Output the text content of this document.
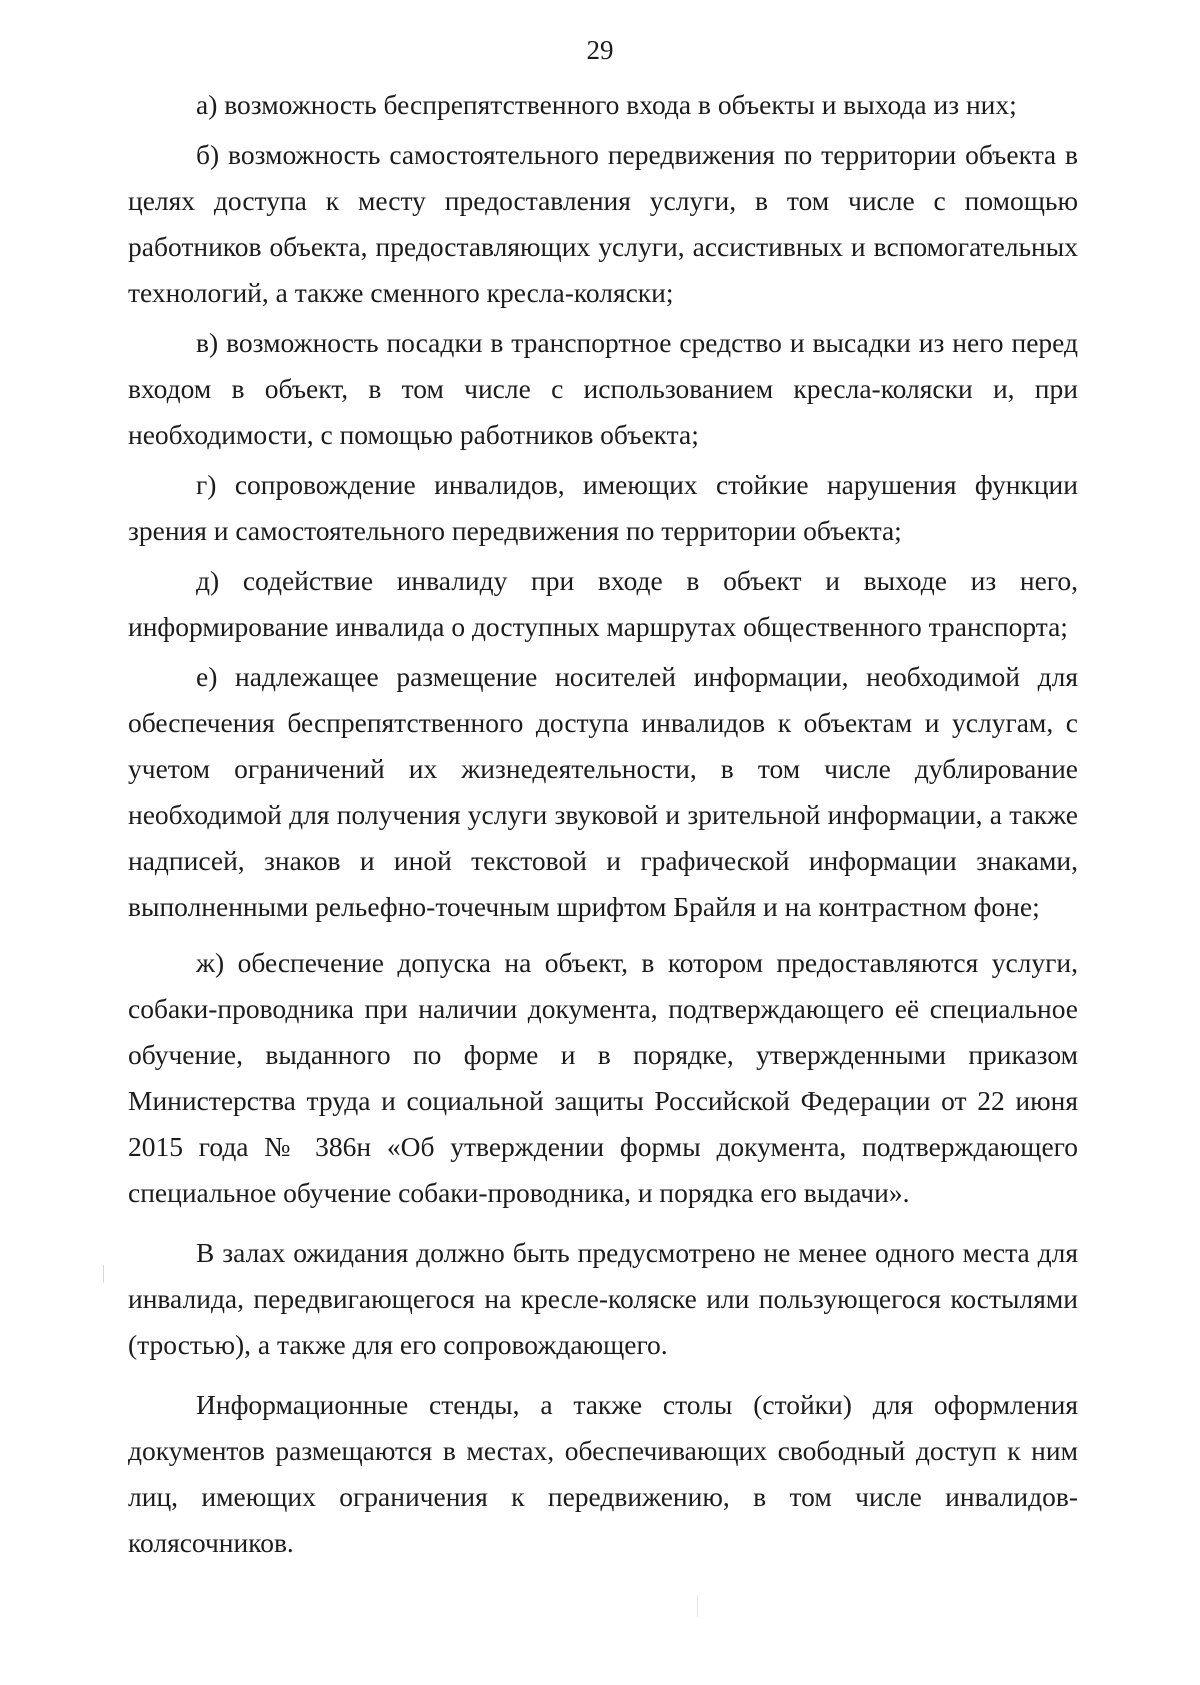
29

а) возможность беспрепятственного входа в объекты и выхода из них;

б) возможность самостоятельного передвижения по территории объекта в целях доступа к месту предоставления услуги, в том числе с помощью работников объекта, предоставляющих услуги, ассистивных и вспомогательных технологий, а также сменного кресла-коляски;

в) возможность посадки в транспортное средство и высадки из него перед входом в объект, в том числе с использованием кресла-коляски и, при необходимости, с помощью работников объекта;

г) сопровождение инвалидов, имеющих стойкие нарушения функции зрения и самостоятельного передвижения по территории объекта;

д) содействие инвалиду при входе в объект и выходе из него, информирование инвалида о доступных маршрутах общественного транспорта;

е) надлежащее размещение носителей информации, необходимой для обеспечения беспрепятственного доступа инвалидов к объектам и услугам, с учетом ограничений их жизнедеятельности, в том числе дублирование необходимой для получения услуги звуковой и зрительной информации, а также надписей, знаков и иной текстовой и графической информации знаками, выполненными рельефно-точечным шрифтом Брайля и на контрастном фоне;

ж) обеспечение допуска на объект, в котором предоставляются услуги, собаки-проводника при наличии документа, подтверждающего её специальное обучение, выданного по форме и в порядке, утвержденными приказом Министерства труда и социальной защиты Российской Федерации от 22 июня 2015 года № 386н «Об утверждении формы документа, подтверждающего специальное обучение собаки-проводника, и порядка его выдачи».

В залах ожидания должно быть предусмотрено не менее одного места для инвалида, передвигающегося на кресле-коляске или пользующегося костылями (тростью), а также для его сопровождающего.

Информационные стенды, а также столы (стойки) для оформления документов размещаются в местах, обеспечивающих свободный доступ к ним лиц, имеющих ограничения к передвижению, в том числе инвалидов-колясочников.
